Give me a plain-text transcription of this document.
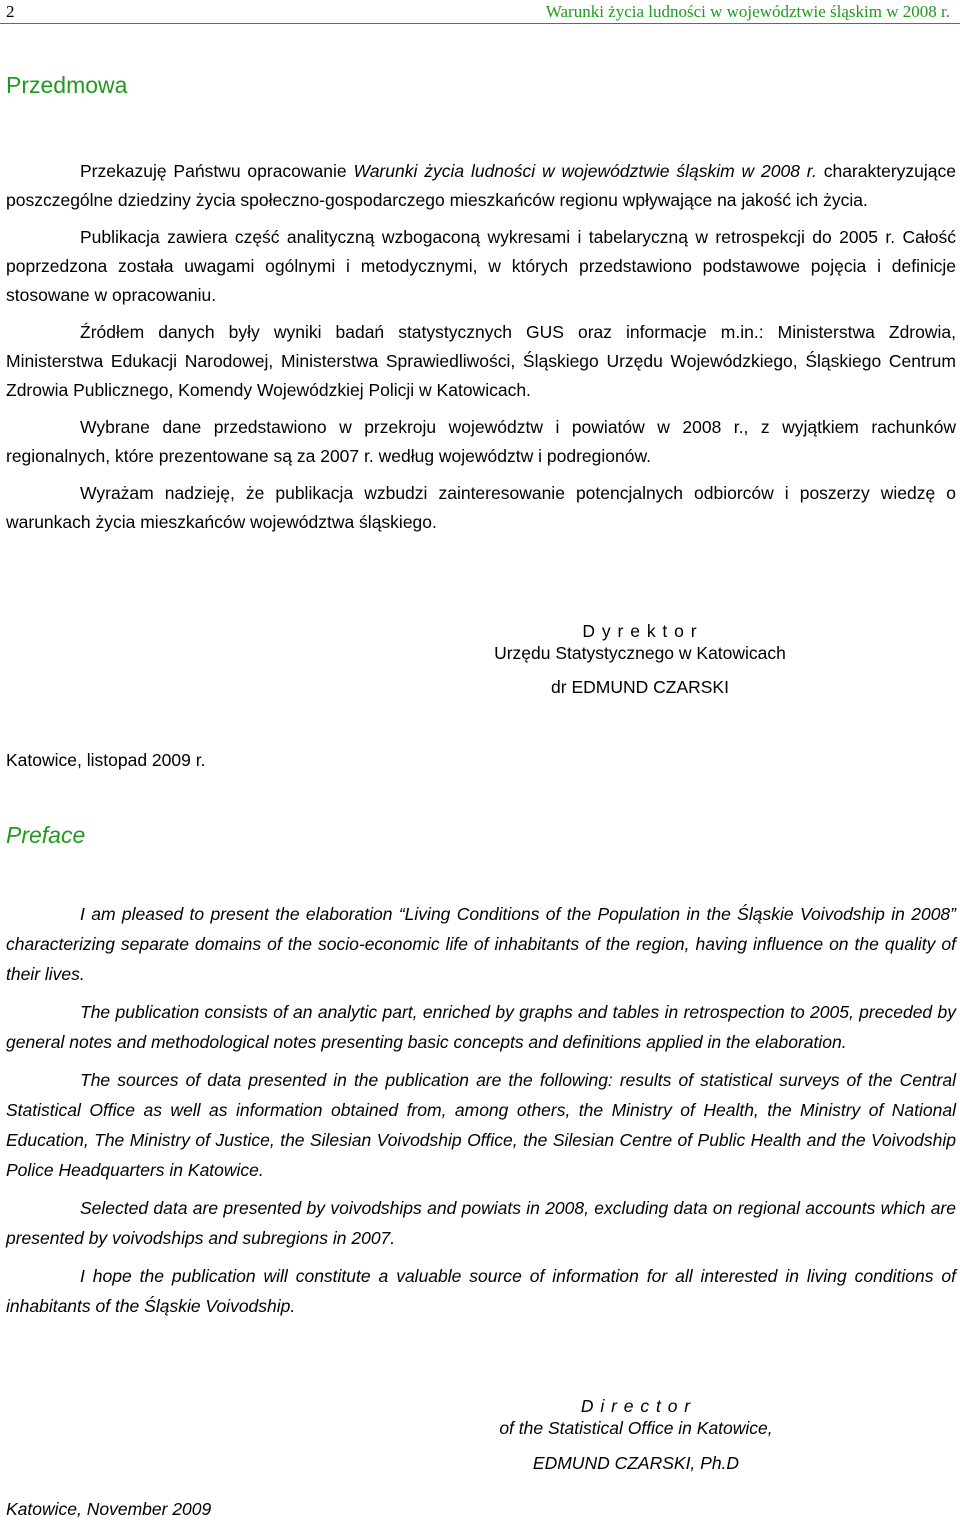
2	Warunki życia ludności w województwie śląskim w 2008 r.
Przedmowa

Przekazuję Państwu opracowanie Warunki życia ludności w województwie śląskim w 2008 r. charakteryzujące poszczególne dziedziny życia społeczno-gospodarczego mieszkańców regionu wpływające na jakość ich życia.

Publikacja zawiera część analityczną wzbogaconą wykresami i tabelaryczną w retrospekcji do 2005 r. Całość poprzedzona została uwagami ogólnymi i metodycznymi, w których przedstawiono podstawowe pojęcia i definicje stosowane w opracowaniu.

Źródłem danych były wyniki badań statystycznych GUS oraz informacje m.in.: Ministerstwa Zdrowia, Ministerstwa Edukacji Narodowej, Ministerstwa Sprawiedliwości, Śląskiego Urzędu Wojewódzkiego, Śląskiego Centrum Zdrowia Publicznego, Komendy Wojewódzkiej Policji w Katowicach.

Wybrane dane przedstawiono w przekroju województw i powiatów w 2008 r., z wyjątkiem rachunków regionalnych, które prezentowane są za 2007 r. według województw i podregionów.

Wyrażam nadzieję, że publikacja wzbudzi zainteresowanie potencjalnych odbiorców i poszerzy wiedzę o warunkach życia mieszkańców województwa śląskiego.

D y r e k t o r
Urzędu Statystycznego w Katowicach
dr EDMUND CZARSKI
Katowice, listopad 2009 r.
Preface

I am pleased to present the elaboration “Living Conditions of the Population in the Śląskie Voivodship in 2008” characterizing separate domains of the socio-economic life of inhabitants of the region, having influence on the quality of their lives.

The publication consists of an analytic part, enriched by graphs and tables in retrospection to 2005, preceded by general notes and methodological notes presenting basic concepts and definitions applied in the elaboration.

The sources of data presented in the publication are the following: results of statistical surveys of the Central Statistical Office as well as information obtained from, among others, the Ministry of Health, the Ministry of National Education, The Ministry of Justice, the Silesian Voivodship Office, the Silesian Centre of Public Health and the Voivodship Police Headquarters in Katowice.

Selected data are presented by voivodships and powiats in 2008, excluding data on regional accounts which are presented by voivodships and subregions in 2007.

I hope the publication will constitute a valuable source of information for all interested in living conditions of inhabitants of the Śląskie Voivodship.

D i r e c t o r
of the Statistical Office in Katowice,
EDMUND CZARSKI, Ph.D
Katowice, November 2009
